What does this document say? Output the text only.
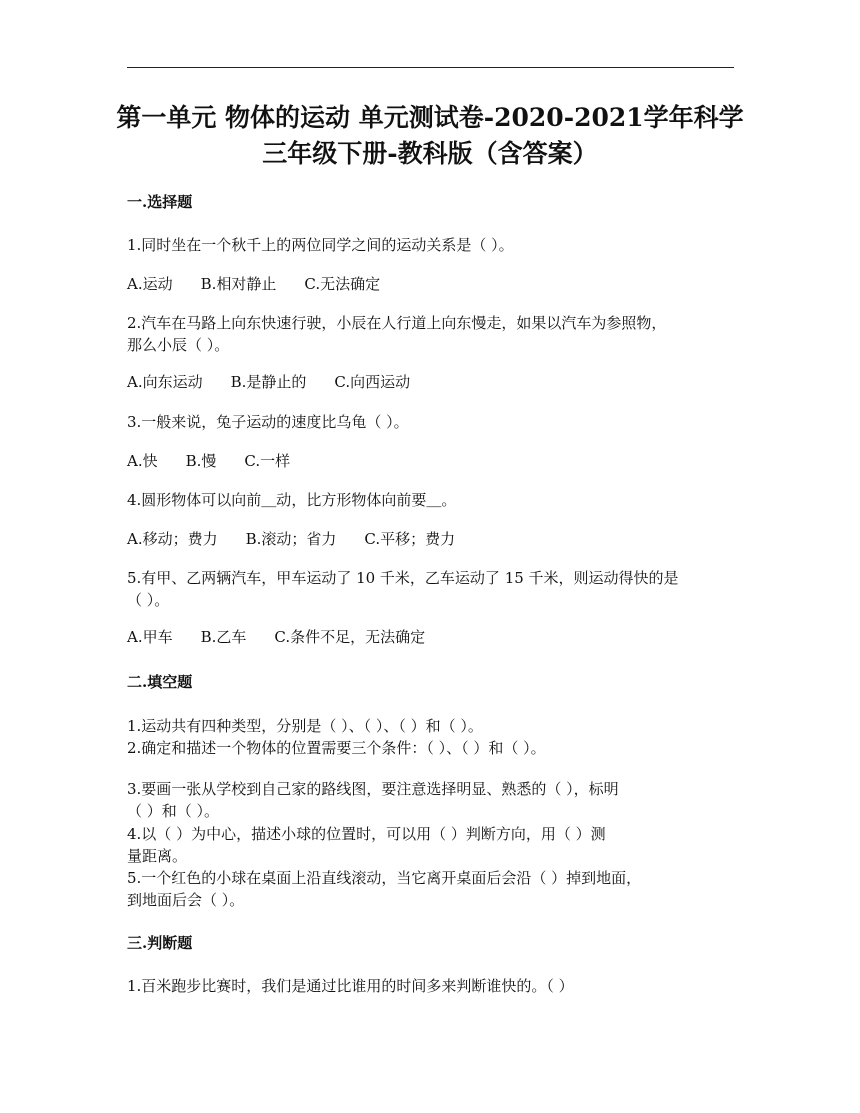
第一单元 物体的运动 单元测试卷-2020-2021学年科学
三年级下册-教科版（含答案）
一.选择题
1.同时坐在一个秋千上的两位同学之间的运动关系是（ ）。
A.运动 B.相对静止 C.无法确定
2.汽车在马路上向东快速行驶，小辰在人行道上向东慢走，如果以汽车为参照物，
那么小辰（ ）。
A.向东运动 B.是静止的 C.向西运动
3.一般来说，兔子运动的速度比乌龟（ ）。
A.快 B.慢 C.一样
4.圆形物体可以向前＿动，比方形物体向前要＿。
A.移动；费力 B.滚动；省力 C.平移；费力
5.有甲、乙两辆汽车，甲车运动了 10 千米，乙车运动了 15 千米，则运动得快的是
（ ）。
A.甲车 B.乙车 C.条件不足，无法确定
二.填空题
1.运动共有四种类型，分别是（ ）、（ ）、（ ）和（ ）。
2.确定和描述一个物体的位置需要三个条件：（ ）、（ ）和（ ）。
3.要画一张从学校到自己家的路线图，要注意选择明显、熟悉的（ ），标明
（ ）和（ ）。
4.以（ ）为中心，描述小球的位置时，可以用（ ）判断方向，用（ ）测
量距离。
5.一个红色的小球在桌面上沿直线滚动，当它离开桌面后会沿（ ）掉到地面，
到地面后会（ ）。
三.判断题
1.百米跑步比赛时，我们是通过比谁用的时间多来判断谁快的。（ ）
